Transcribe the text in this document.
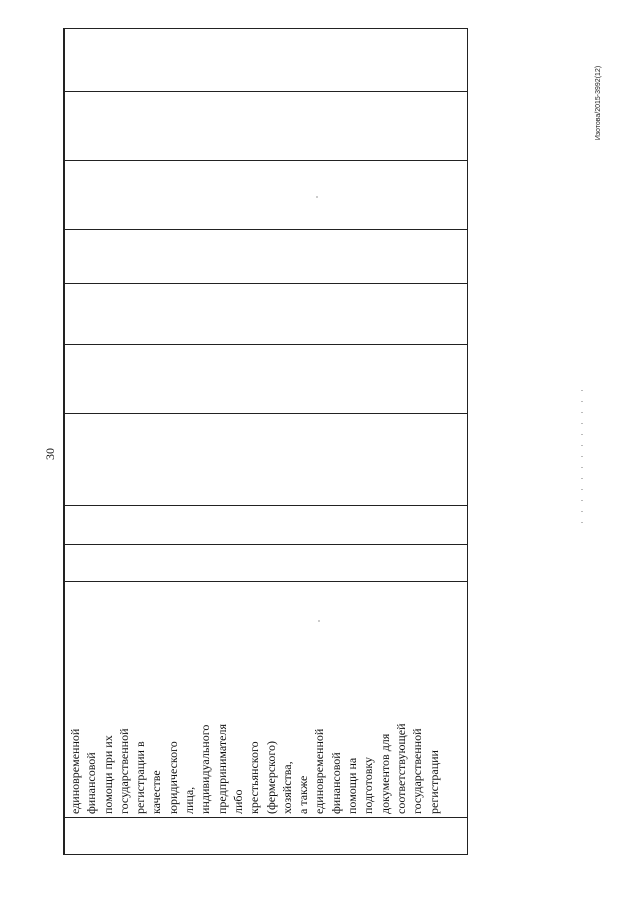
30
Изотова/2015-3992(12)
единовременной финансовой помощи при их государственной регистрации в качестве юридического лица, индивидуального предпринимателя либо крестьянского (фермерского) хозяйства, а также единовременной финансовой помощи на подготовку документов для соответствующей государственной регистрации
